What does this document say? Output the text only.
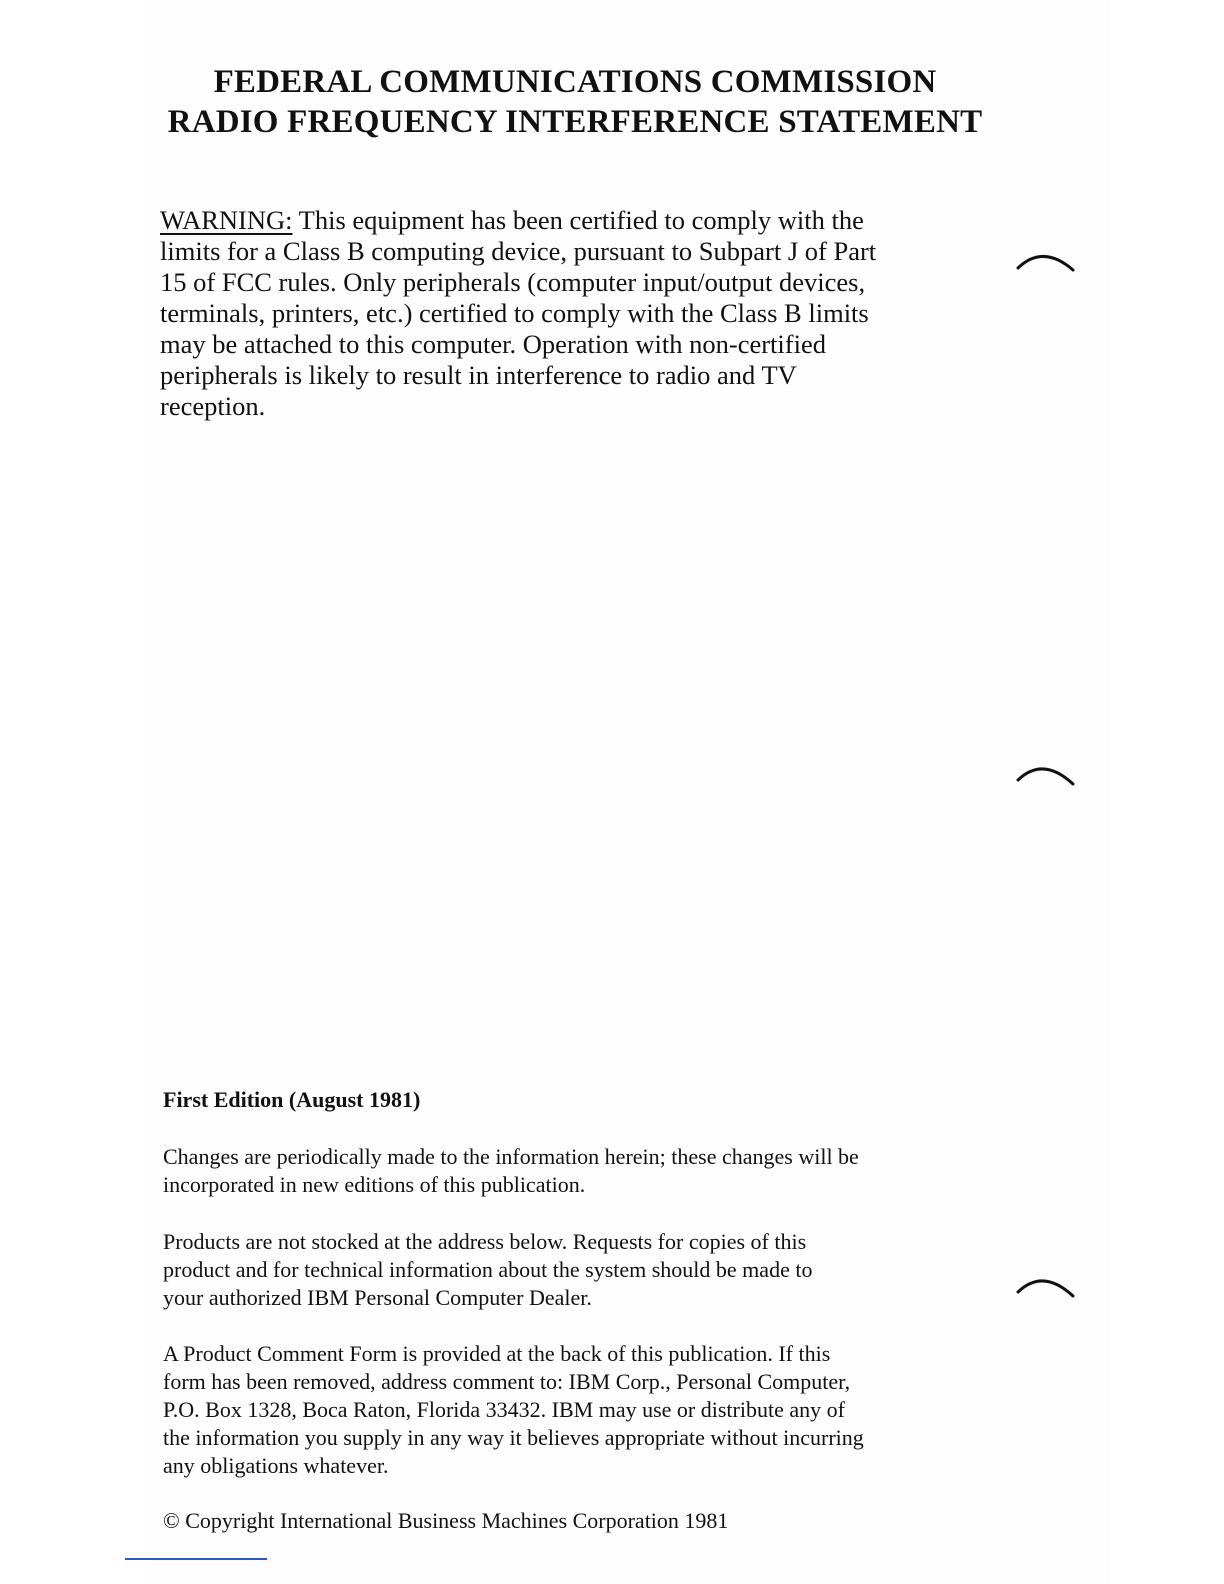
FEDERAL COMMUNICATIONS COMMISSION
RADIO FREQUENCY INTERFERENCE STATEMENT
WARNING: This equipment has been certified to comply with the
limits for a Class B computing device, pursuant to Subpart J of Part
15 of FCC rules. Only peripherals (computer input/output devices,
terminals, printers, etc.) certified to comply with the Class B limits
may be attached to this computer. Operation with non-certified
peripherals is likely to result in interference to radio and TV
reception.
First Edition (August 1981)
Changes are periodically made to the information herein; these changes will be
incorporated in new editions of this publication.
Products are not stocked at the address below. Requests for copies of this
product and for technical information about the system should be made to
your authorized IBM Personal Computer Dealer.
A Product Comment Form is provided at the back of this publication. If this
form has been removed, address comment to: IBM Corp., Personal Computer,
P.O. Box 1328, Boca Raton, Florida 33432. IBM may use or distribute any of
the information you supply in any way it believes appropriate without incurring
any obligations whatever.
© Copyright International Business Machines Corporation 1981
